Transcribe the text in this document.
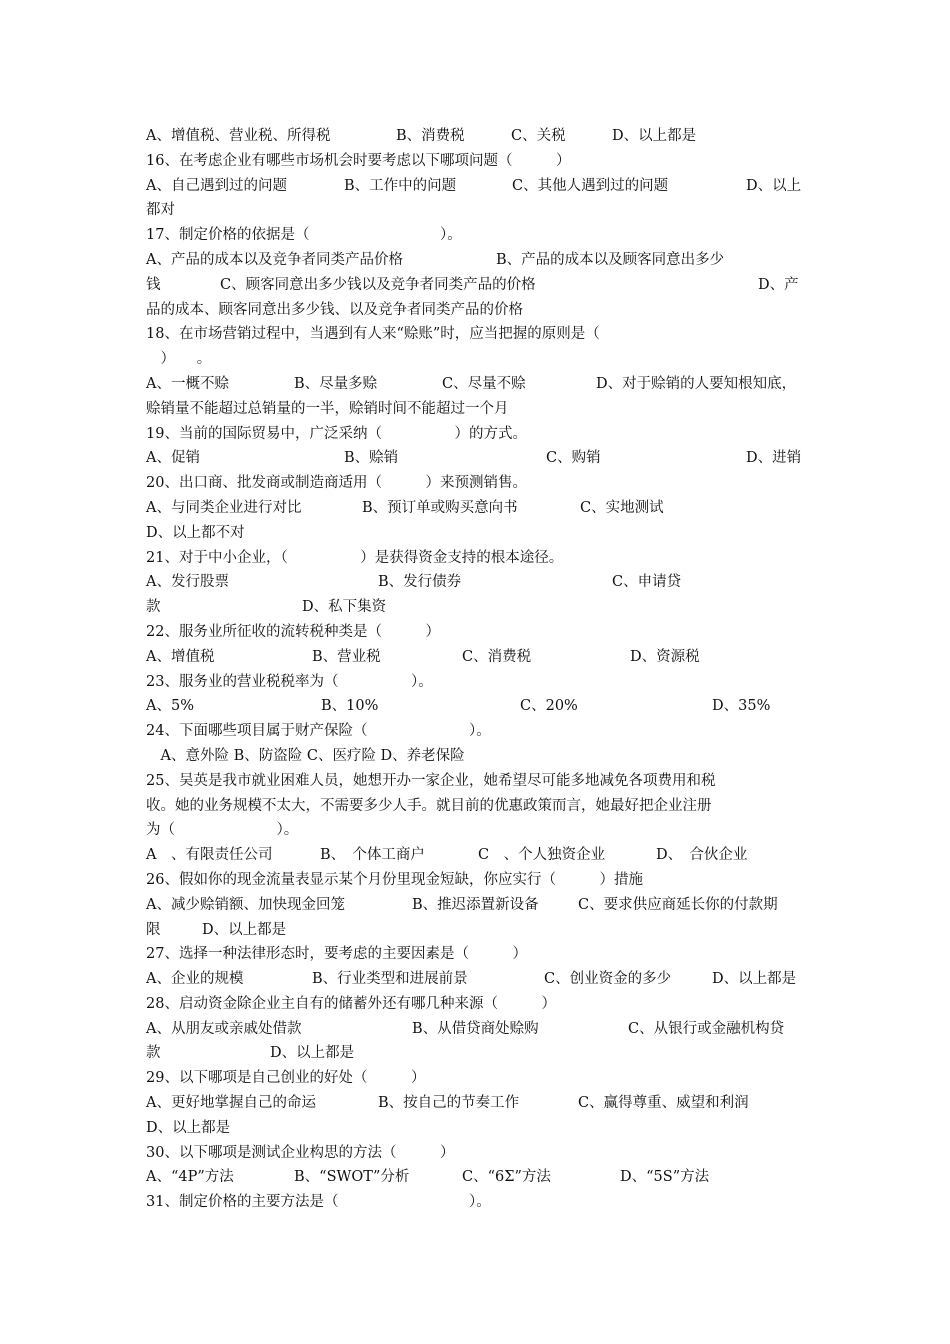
A、增值税、营业税、所得税	B、消费税	C、关税	D、以上都是
16、在考虑企业有哪些市场机会时要考虑以下哪项问题（　　　）
A、自己遇到过的问题	B、工作中的问题	C、其他人遇到过的问题	D、以上
都对
17、制定价格的依据是（　　　　　　　　　）。
A、产品的成本以及竞争者同类产品价格	B、产品的成本以及顾客同意出多少
钱	C、顾客同意出多少钱以及竞争者同类产品的价格	D、产
品的成本、顾客同意出多少钱、以及竞争者同类产品的价格
18、在市场营销过程中，当遇到有人来“赊账”时，应当把握的原则是（
　）　　。
A、一概不赊	B、尽量多赊	C、尽量不赊	D、对于赊销的人要知根知底，
赊销量不能超过总销量的一半，赊销时间不能超过一个月
19、当前的国际贸易中，广泛采纳（　　　　　）的方式。
A、促销	B、赊销	C、购销	D、进销
20、出口商、批发商或制造商适用（　　　）来预测销售。
A、与同类企业进行对比	B、预订单或购买意向书	C、实地测试
D、以上都不对
21、对于中小企业，（　　　　　）是获得资金支持的根本途径。
A、发行股票	B、发行债券	C、申请贷
款	D、私下集资
22、服务业所征收的流转税种类是（　　　）
A、增值税	B、营业税	C、消费税	D、资源税
23、服务业的营业税税率为（　　　　　）。
A、5%	B、10%	C、20%	D、35%
24、下面哪些项目属于财产保险（　　　　　　　）。
　A、意外险 B、防盗险 C、医疗险 D、养老保险
25、吴英是我市就业困难人员，她想开办一家企业，她希望尽可能多地减免各项费用和税
收。她的业务规模不太大，不需要多少人手。就目前的优惠政策而言，她最好把企业注册
为（　　　　　　　）。
A　、有限责任公司	B、　个体工商户	C　、个人独资企业	D、　合伙企业
26、假如你的现金流量表显示某个月份里现金短缺，你应实行（　　　）措施
A、减少赊销额、加快现金回笼	B、推迟添置新设备	C、要求供应商延长你的付款期
限	D、以上都是
27、选择一种法律形态时，要考虑的主要因素是（　　　）
A、企业的规模	B、行业类型和进展前景	C、创业资金的多少	D、以上都是
28、启动资金除企业主自有的储蓄外还有哪几种来源（　　　）
A、从朋友或亲戚处借款	B、从借贷商处赊购	C、从银行或金融机构贷
款	D、以上都是
29、以下哪项是自己创业的好处（　　　）
A、更好地掌握自己的命运	B、按自己的节奏工作	C、赢得尊重、威望和利润
D、以上都是
30、以下哪项是测试企业构思的方法（　　　）
A、“4P”方法	B、“SWOT”分析	C、“6Σ”方法	D、“5S”方法
31、制定价格的主要方法是（　　　　　　　　　）。
